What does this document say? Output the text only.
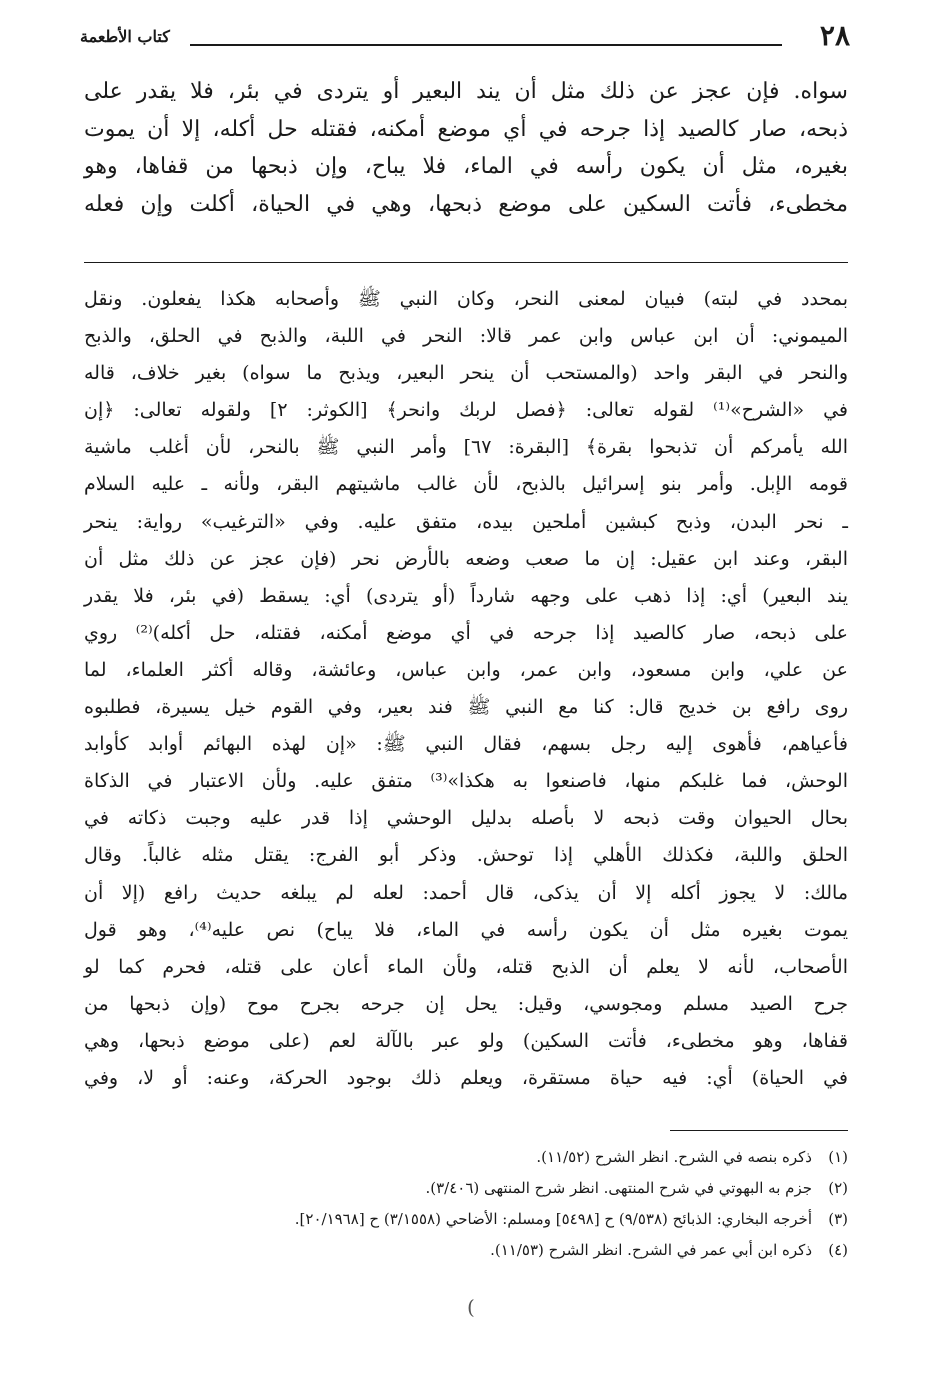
٢٨
كتاب الأطعمة

سواه. فإن عجز عن ذلك مثل أن يند البعير أو يتردى في بئر، فلا يقدر على

ذبحه، صار كالصيد إذا جرحه في أي موضع أمكنه، فقتله حل أكله، إلا أن يموت

بغيره، مثل أن يكون رأسه في الماء، فلا يباح، وإن ذبحها من قفاها، وهو

مخطىء، فأتت السكين على موضع ذبحها، وهي في الحياة، أكلت وإن فعله

بمحدد في لبته) فبيان لمعنى النحر، وكان النبي ﷺ وأصحابه هكذا يفعلون. ونقل

الميموني: أن ابن عباس وابن عمر قالا: النحر في اللبة، والذبح في الحلق، والذبح

والنحر في البقر واحد (والمستحب أن ينحر البعير، ويذبح ما سواه) بغير خلاف، قاله

في «الشرح»⁽¹⁾ لقوله تعالى: ﴿فصل لربك وانحر﴾ [الكوثر: ٢] ولقوله تعالى: ﴿إن

الله يأمركم أن تذبحوا بقرة﴾ [البقرة: ٦٧] وأمر النبي ﷺ بالنحر، لأن أغلب ماشية

قومه الإبل. وأمر بنو إسرائيل بالذبح، لأن غالب ماشيتهم البقر، ولأنه ـ عليه السلام

ـ نحر البدن، وذبح كبشين أملحين بيده، متفق عليه. وفي «الترغيب» رواية: ينحر

البقر، وعند ابن عقيل: إن ما صعب وضعه بالأرض نحر (فإن عجز عن ذلك مثل أن

يند البعير) أي: إذا ذهب على وجهه شارداً (أو يتردى) أي: يسقط (في بئر، فلا يقدر

على ذبحه، صار كالصيد إذا جرحه في أي موضع أمكنه، فقتله، حل أكله)⁽²⁾ روي

عن علي، وابن مسعود، وابن عمر، وابن عباس، وعائشة، وقاله أكثر العلماء، لما

روى رافع بن خديج قال: كنا مع النبي ﷺ فند بعير، وفي القوم خيل يسيرة، فطلبوه

فأعياهم، فأهوى إليه رجل بسهم، فقال النبي ﷺ: «إن لهذه البهائم أوابد كأوابد

الوحش، فما غلبكم منها، فاصنعوا به هكذا»⁽³⁾ متفق عليه. ولأن الاعتبار في الذكاة

بحال الحيوان وقت ذبحه لا بأصله بدليل الوحشي إذا قدر عليه وجبت ذكاته في

الحلق واللبة، فكذلك الأهلي إذا توحش. وذكر أبو الفرج: يقتل مثله غالباً. وقال

مالك: لا يجوز أكله إلا أن يذكى، قال أحمد: لعله لم يبلغه حديث رافع (إلا أن

يموت بغيره مثل أن يكون رأسه في الماء، فلا يباح) نص عليه⁽⁴⁾، وهو قول

الأصحاب، لأنه لا يعلم أن الذبح قتله، ولأن الماء أعان على قتله، فحرم كما لو

جرح الصيد مسلم ومجوسي، وقيل: يحل إن جرحه بجرح موح (وإن ذبحها من

قفاها، وهو مخطىء، فأتت السكين) ولو عبر بالآلة لعم (على موضع ذبحها، وهي

في الحياة) أي: فيه حياة مستقرة، ويعلم ذلك بوجود الحركة، وعنه: أو لا، وفي

(١)ذكره بنصه في الشرح. انظر الشرح (١١/٥٢).

(٢)جزم به البهوتي في شرح المنتهى. انظر شرح المنتهى (٣/٤٠٦).

(٣)أخرجه البخاري: الذبائح (٩/٥٣٨) ح [٥٤٩٨] ومسلم: الأضاحي (٣/١٥٥٨) ح [٢٠/١٩٦٨].

(٤)ذكره ابن أبي عمر في الشرح. انظر الشرح (١١/٥٣).

(
